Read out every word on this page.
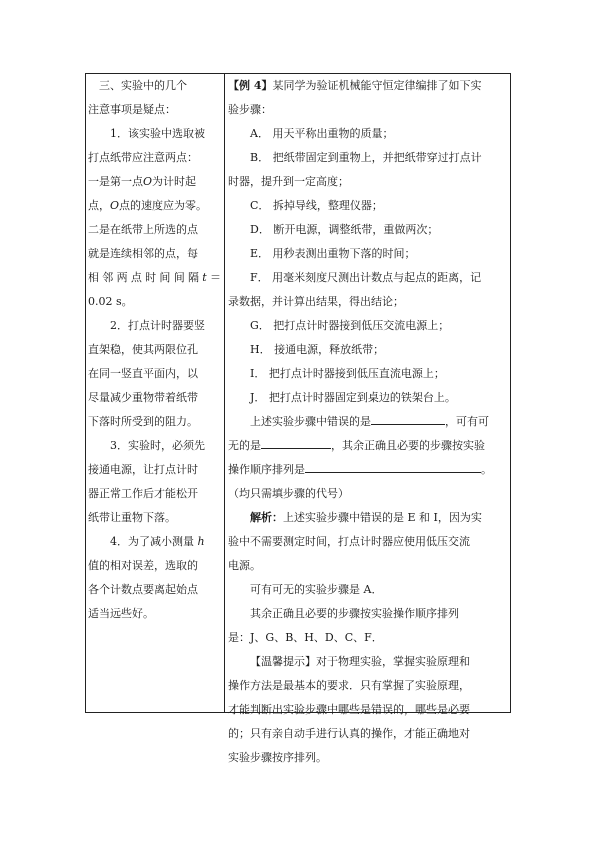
三、实验中的几个
注意事项是疑点：
1．该实验中选取被
打点纸带应注意两点：
一是第一点O为计时起
点，O点的速度应为零。
二是在纸带上所选的点
就是连续相邻的点，每
相邻两点时间间隔t＝
0.02 s。
2．打点计时器要竖
直架稳，使其两限位孔
在同一竖直平面内，以
尽量减少重物带着纸带
下落时所受到的阻力。
3．实验时，必须先
接通电源，让打点计时
器正常工作后才能松开
纸带让重物下落。
4．为了减小测量 h
值的相对误差，选取的
各个计数点要离起始点
适当远些好。
【例 4】某同学为验证机械能守恒定律编排了如下实
验步骤：
A． 用天平称出重物的质量；
B． 把纸带固定到重物上，并把纸带穿过打点计
时器，提升到一定高度；
C． 拆掉导线，整理仪器；
D． 断开电源，调整纸带，重做两次；
E． 用秒表测出重物下落的时间；
F． 用毫米刻度尺测出计数点与起点的距离，记
录数据，并计算出结果，得出结论；
G． 把打点计时器接到低压交流电源上；
H． 接通电源，释放纸带；
I． 把打点计时器接到低压直流电源上；
J． 把打点计时器固定到桌边的铁架台上。
上述实验步骤中错误的是	，可有可
无的是	，其余正确且必要的步骤按实验
操作顺序排列是	。
（均只需填步骤的代号）
解析：上述实验步骤中错误的是 E 和 I，因为实
验中不需要测定时间，打点计时器应使用低压交流
电源。
可有可无的实验步骤是 A．
其余正确且必要的步骤按实验操作顺序排列
是：J、G、B、H、D、C、F．
【温馨提示】对于物理实验，掌握实验原理和
操作方法是最基本的要求．只有掌握了实验原理，
才能判断出实验步骤中哪些是错误的，哪些是必要
的；只有亲自动手进行认真的操作，才能正确地对
实验步骤按序排列。
